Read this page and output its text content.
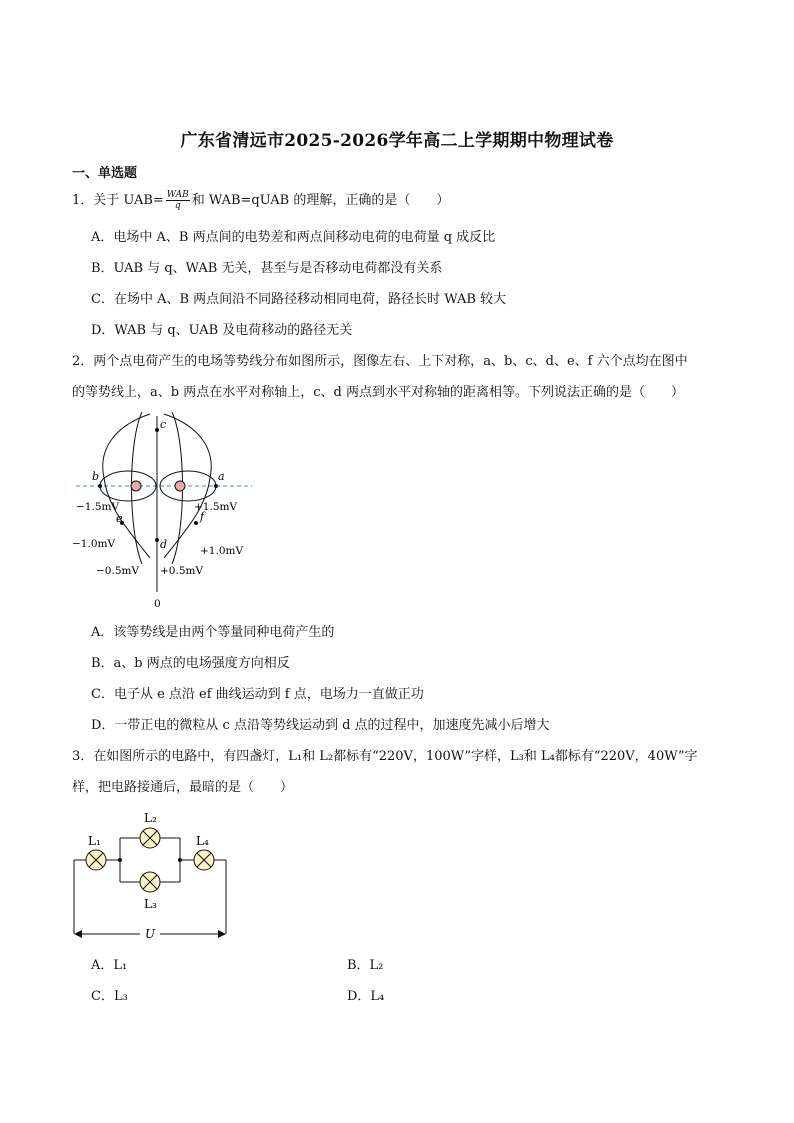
广东省清远市2025-2026学年高二上学期期中物理试卷
一、单选题
1．关于 $UAB= \frac{\text{WAB}}{q}$ 和 WAB=qUAB 的理解，正确的是（　　）
A．电场中 A、B 两点间的电势差和两点间移动电荷的电荷量 q 成反比
B．UAB 与 q、WAB 无关，甚至与是否移动电荷都没有关系
C．在场中 A、B 两点间沿不同路径移动相同电荷，路径长时 WAB 较大
D．WAB 与 q、UAB 及电荷移动的路径无关
2．两个点电荷产生的电场等势线分布如图所示，图像左右、上下对称，a、b、c、d、e、f 六个点均在图中
的等势线上，a、b 两点在水平对称轴上，c、d 两点到水平对称轴的距离相等。下列说法正确的是（　　）
c
b	a
e	f
d
−1.5mV	+1.5mV
−1.0mV
+1.0mV
−0.5mV +0.5mV
0
A．该等势线是由两个等量同种电荷产生的
B．a、b 两点的电场强度方向相反
C．电子从 e 点沿 ef 曲线运动到 f 点，电场力一直做正功
D．一带正电的微粒从 c 点沿等势线运动到 d 点的过程中，加速度先减小后增大
3．在如图所示的电路中，有四盏灯，L₁和 L₂都标有“220V，100W”字样，L₃和 L₄都标有“220V，40W”字
样，把电路接通后，最暗的是（　　）
L₁
L₂
L₃
L₄
U
A．L₁	B．L₂
C．L₃	D．L₄
